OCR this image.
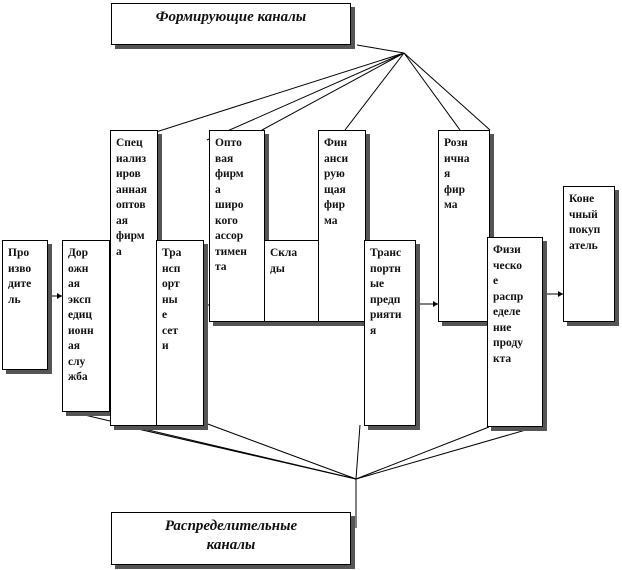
Формирующие каналы
Про
изво
дите
ль
Дор
ожн
ая
эксп
едиц
ионн
ая
слу
жба
Спец
иализ
иров
анная
оптов
ая
фирм
а	Тра
нсп
орт
ны
е
сет
и
Опто
вая
фирм
а
широ
кого
ассор
тимен
та
Скла
ды
Фин
анси
рую
щая
фир
ма
Транс
портн
ые
предп
рияти
я
Розн
ична
я
фир
ма
Физи
ческо
е
распр
еделе
ние
проду
кта
Коне
чный
покуп
атель
Распределительные
каналы
